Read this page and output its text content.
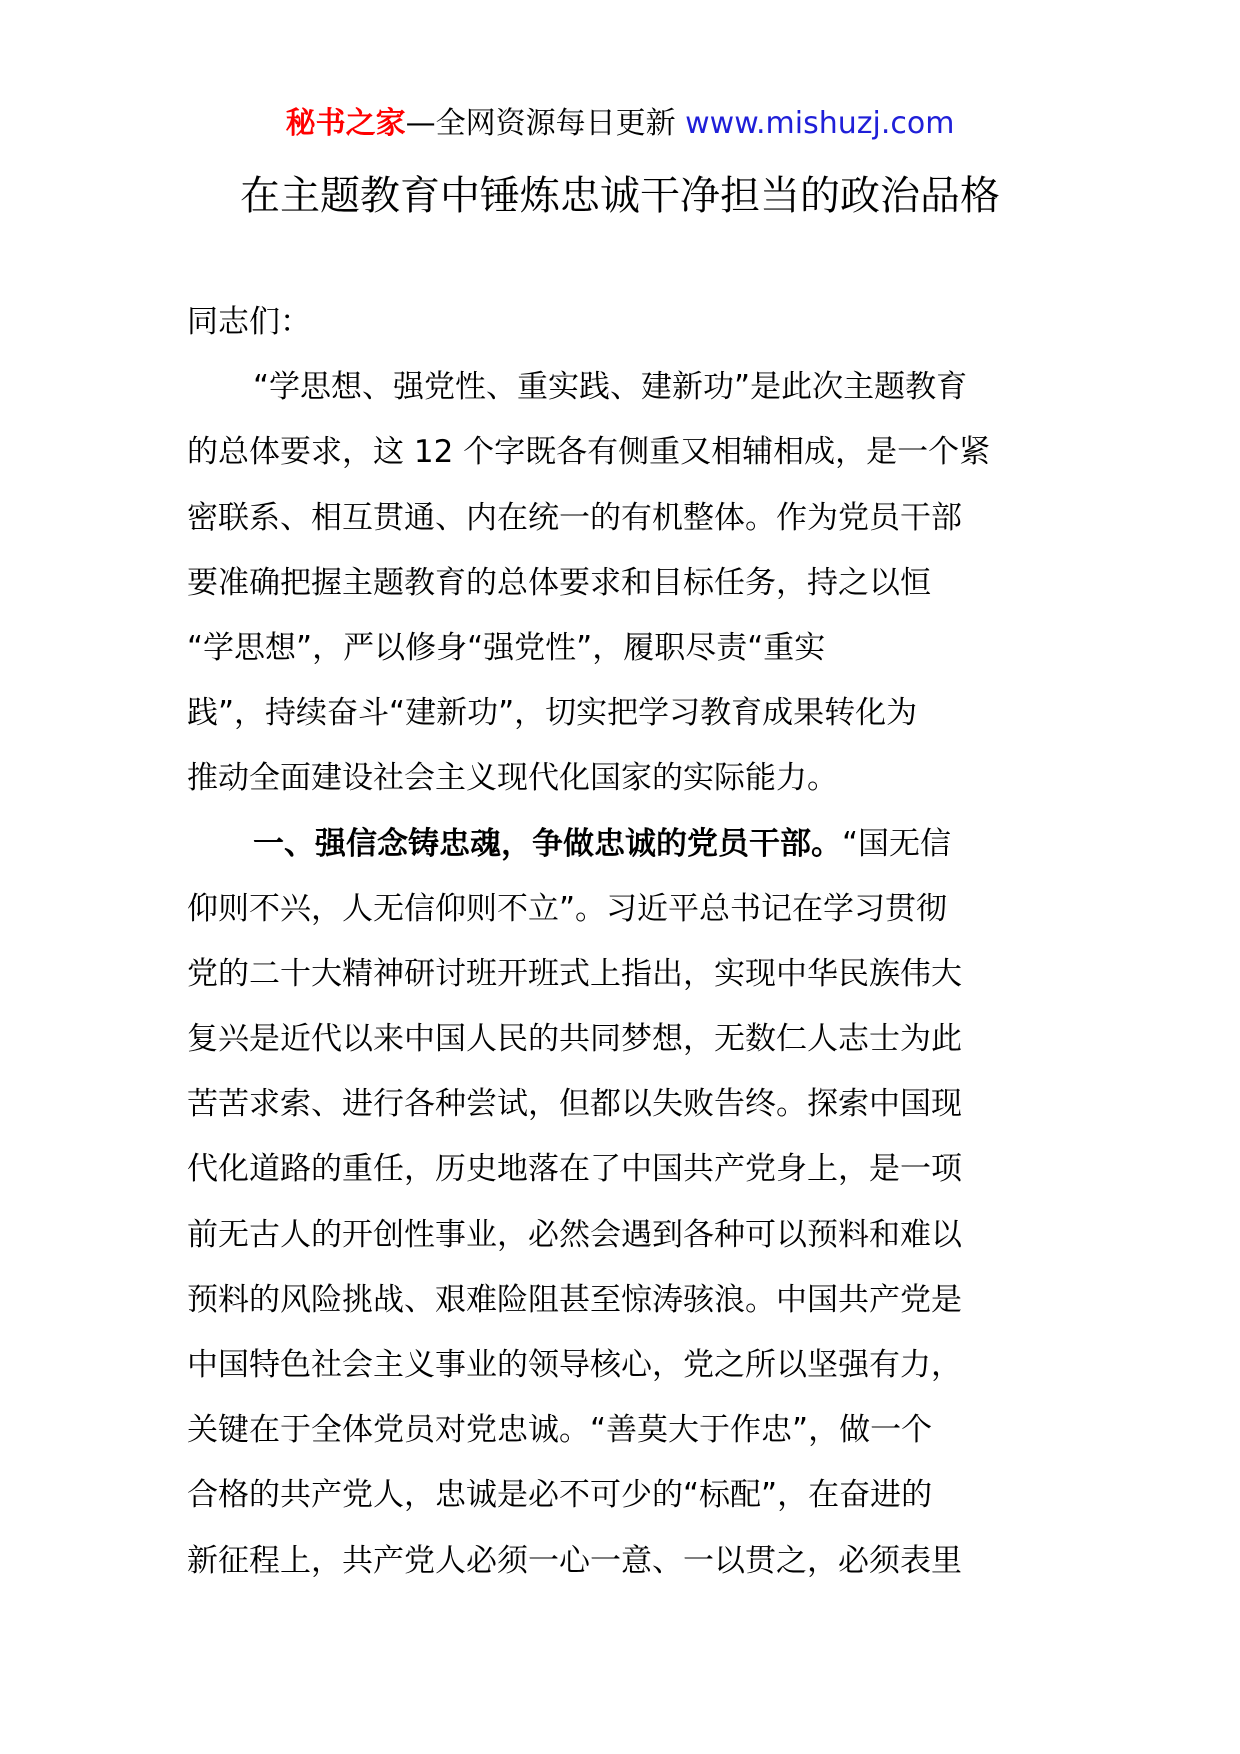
秘书之家—全网资源每日更新 www.mishuzj.com
在主题教育中锤炼忠诚干净担当的政治品格
同志们：
“学思想、强党性、重实践、建新功”是此次主题教育
的总体要求，这 12 个字既各有侧重又相辅相成，是一个紧
密联系、相互贯通、内在统一的有机整体。作为党员干部
要准确把握主题教育的总体要求和目标任务，持之以恒
“学思想”，严以修身“强党性”，履职尽责“重实
践”，持续奋斗“建新功”，切实把学习教育成果转化为
推动全面建设社会主义现代化国家的实际能力。
一、强信念铸忠魂，争做忠诚的党员干部。“国无信
仰则不兴，人无信仰则不立”。习近平总书记在学习贯彻
党的二十大精神研讨班开班式上指出，实现中华民族伟大
复兴是近代以来中国人民的共同梦想，无数仁人志士为此
苦苦求索、进行各种尝试，但都以失败告终。探索中国现
代化道路的重任，历史地落在了中国共产党身上，是一项
前无古人的开创性事业，必然会遇到各种可以预料和难以
预料的风险挑战、艰难险阻甚至惊涛骇浪。中国共产党是
中国特色社会主义事业的领导核心，党之所以坚强有力，
关键在于全体党员对党忠诚。“善莫大于作忠”，做一个
合格的共产党人，忠诚是必不可少的“标配”，在奋进的
新征程上，共产党人必须一心一意、一以贯之，必须表里
